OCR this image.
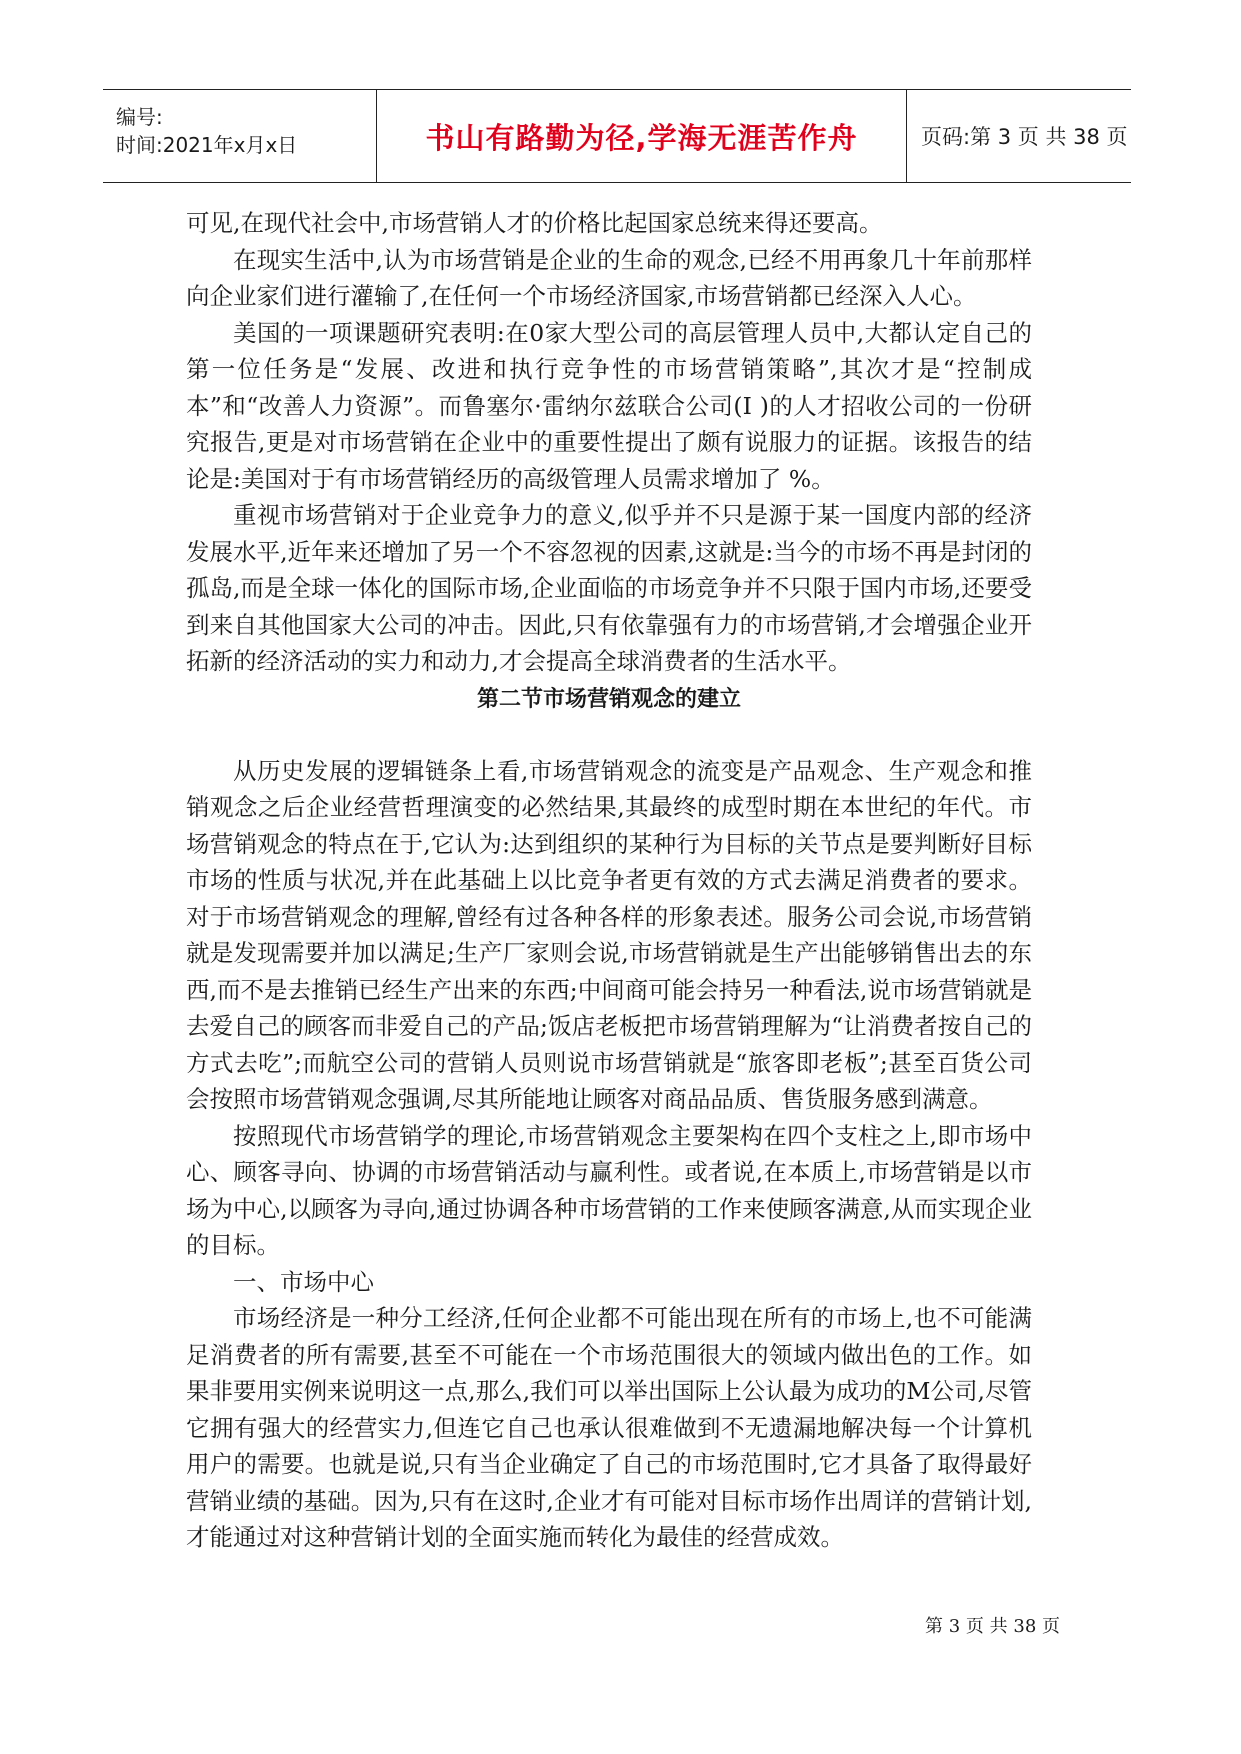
编号:
时间:2021年x月x日	书山有路勤为径,学海无涯苦作舟	页码:第 3 页 共 38 页

可见,在现代社会中,市场营销人才的价格比起国家总统来得还要高。

在现实生活中,认为市场营销是企业的生命的观念,已经不用再象几十年前那样向企业家们进行灌输了,在任何一个市场经济国家,市场营销都已经深入人心。

美国的一项课题研究表明:在0家大型公司的高层管理人员中,大都认定自己的第一位任务是“发展、改进和执行竞争性的市场营销策略”,其次才是“控制成本”和“改善人力资源”。而鲁塞尔·雷纳尔兹联合公司(I )的人才招收公司的一份研究报告,更是对市场营销在企业中的重要性提出了颇有说服力的证据。该报告的结论是:美国对于有市场营销经历的高级管理人员需求增加了 %。

重视市场营销对于企业竞争力的意义,似乎并不只是源于某一国度内部的经济发展水平,近年来还增加了另一个不容忽视的因素,这就是:当今的市场不再是封闭的孤岛,而是全球一体化的国际市场,企业面临的市场竞争并不只限于国内市场,还要受到来自其他国家大公司的冲击。因此,只有依靠强有力的市场营销,才会增强企业开拓新的经济活动的实力和动力,才会提高全球消费者的生活水平。

第二节市场营销观念的建立

从历史发展的逻辑链条上看,市场营销观念的流变是产品观念、生产观念和推销观念之后企业经营哲理演变的必然结果,其最终的成型时期在本世纪的年代。市场营销观念的特点在于,它认为:达到组织的某种行为目标的关节点是要判断好目标市场的性质与状况,并在此基础上以比竞争者更有效的方式去满足消费者的要求。对于市场营销观念的理解,曾经有过各种各样的形象表述。服务公司会说,市场营销就是发现需要并加以满足;生产厂家则会说,市场营销就是生产出能够销售出去的东西,而不是去推销已经生产出来的东西;中间商可能会持另一种看法,说市场营销就是去爱自己的顾客而非爱自己的产品;饭店老板把市场营销理解为“让消费者按自己的方式去吃”;而航空公司的营销人员则说市场营销就是“旅客即老板”;甚至百货公司会按照市场营销观念强调,尽其所能地让顾客对商品品质、售货服务感到满意。

按照现代市场营销学的理论,市场营销观念主要架构在四个支柱之上,即市场中心、顾客寻向、协调的市场营销活动与赢利性。或者说,在本质上,市场营销是以市场为中心,以顾客为寻向,通过协调各种市场营销的工作来使顾客满意,从而实现企业的目标。

一、市场中心

市场经济是一种分工经济,任何企业都不可能出现在所有的市场上,也不可能满足消费者的所有需要,甚至不可能在一个市场范围很大的领域内做出色的工作。如果非要用实例来说明这一点,那么,我们可以举出国际上公认最为成功的M公司,尽管它拥有强大的经营实力,但连它自己也承认很难做到不无遗漏地解决每一个计算机用户的需要。也就是说,只有当企业确定了自己的市场范围时,它才具备了取得最好营销业绩的基础。因为,只有在这时,企业才有可能对目标市场作出周详的营销计划,才能通过对这种营销计划的全面实施而转化为最佳的经营成效。

第 3 页 共 38 页
